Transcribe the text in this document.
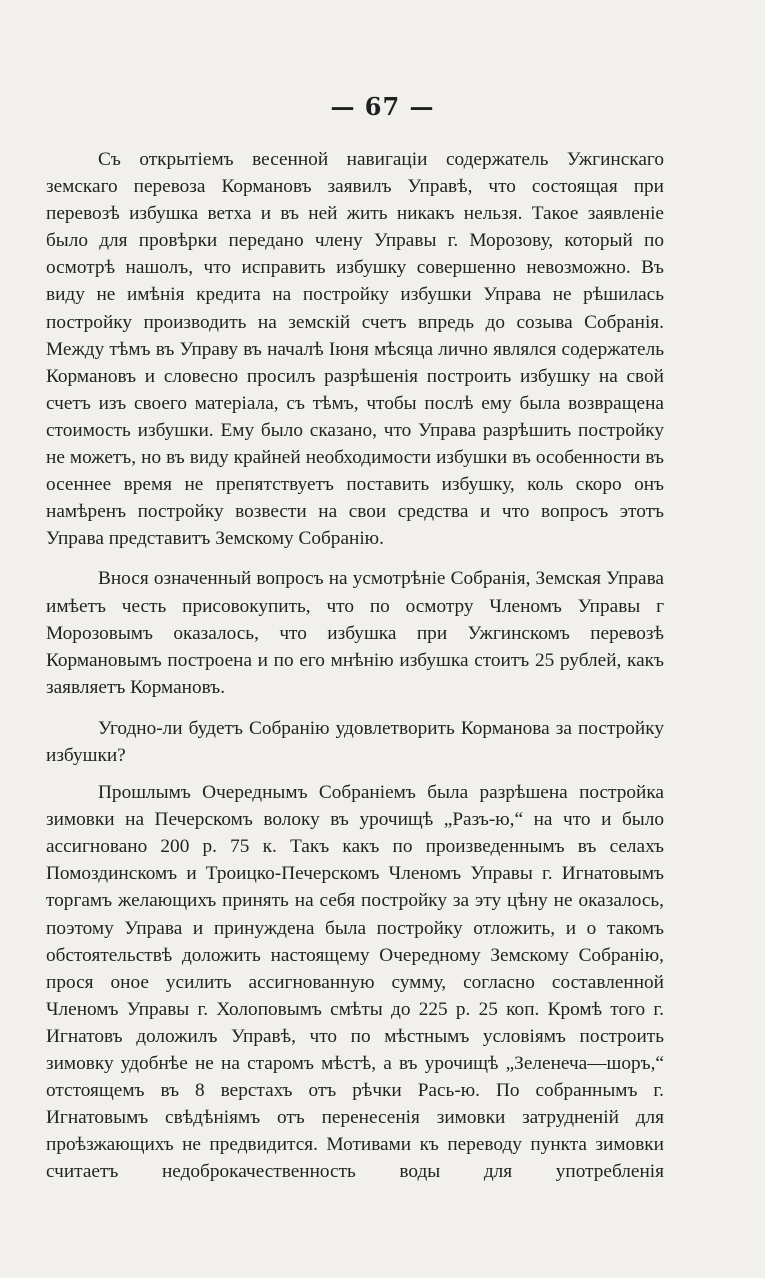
— 67 —

Съ открытіемъ весенной навигаціи содержатель Ужгинскаго земскаго перевоза Кормановъ заявилъ Управѣ, что состоящая при перевозѣ избушка ветха и въ ней жить никакъ нельзя. Такое заявленіе было для провѣрки передано члену Управы г. Морозову, который по осмотрѣ нашолъ, что исправить избушку совершенно невозможно. Въ виду не имѣнія кредита на постройку избушки Управа не рѣшилась постройку производить на земскій счетъ впредь до созыва Собранія. Между тѣмъ въ Управу въ началѣ Іюня мѣсяца лично являлся содержатель Кормановъ и словесно просилъ разрѣшенія построить избушку на свой счетъ изъ своего матеріала, съ тѣмъ, чтобы послѣ ему была возвращена стоимость избушки. Ему было сказано, что Управа разрѣшить постройку не можетъ, но въ виду крайней необходимости избушки въ особенности въ осеннее время не препятствуетъ поставить избушку, коль скоро онъ намѣренъ постройку возвести на свои средства и что вопросъ этотъ Управа представитъ Земскому Собранію.

Внося означенный вопросъ на усмотрѣніе Собранія, Земская Управа имѣетъ честь присовокупить, что по осмотру Членомъ Управы г Морозовымъ оказалось, что избушка при Ужгинскомъ перевозѣ Кормановымъ построена и по его мнѣнію избушка стоитъ 25 рублей, какъ заявляетъ Кормановъ.

Угодно-ли будетъ Собранію удовлетворить Корманова за постройку избушки?

Прошлымъ Очереднымъ Собраніемъ была разрѣшена постройка зимовки на Печерскомъ волоку въ урочищѣ „Разъ-ю,“ на что и было ассигновано 200 р. 75 к. Такъ какъ по произведеннымъ въ селахъ Помоздинскомъ и Троицко-Печерскомъ Членомъ Управы г. Игнатовымъ торгамъ желающихъ принять на себя постройку за эту цѣну не оказалось, поэтому Управа и принуждена была постройку отложить, и о такомъ обстоятельствѣ доложить настоящему Очередному Земскому Собранію, прося оное усилить ассигнованную сумму, согласно составленной Членомъ Управы г. Холоповымъ смѣты до 225 р. 25 коп. Кромѣ того г. Игнатовъ доложилъ Управѣ, что по мѣстнымъ условіямъ построить зимовку удобнѣе не на старомъ мѣстѣ, а въ урочищѣ „Зеленеча—шоръ,“ отстоящемъ въ 8 верстахъ отъ рѣчки Рась-ю. По собраннымъ г. Игнатовымъ свѣдѣніямъ отъ перенесенія зимовки затрудненій для проѣзжающихъ не предвидится. Мотивами къ переводу пункта зимовки считаетъ недоброкачественность воды для употребленія
